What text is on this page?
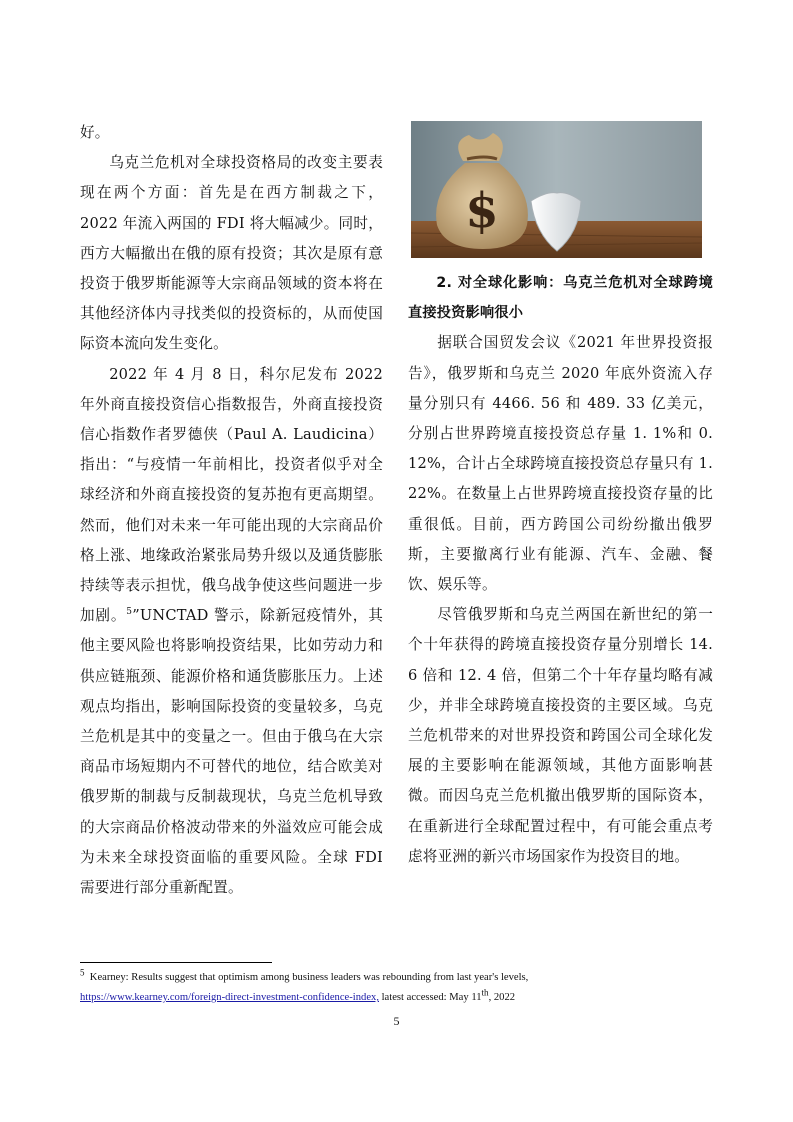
好。

乌克兰危机对全球投资格局的改变主要表现在两个方面：首先是在西方制裁之下，2022 年流入两国的 FDI 将大幅减少。同时，西方大幅撤出在俄的原有投资；其次是原有意投资于俄罗斯能源等大宗商品领域的资本将在其他经济体内寻找类似的投资标的，从而使国际资本流向发生变化。

2022 年 4 月 8 日，科尔尼发布 2022 年外商直接投资信心指数报告，外商直接投资信心指数作者罗德侠（Paul A. Laudicina）指出：“与疫情一年前相比，投资者似乎对全球经济和外商直接投资的复苏抱有更高期望。然而，他们对未来一年可能出现的大宗商品价格上涨、地缘政治紧张局势升级以及通货膨胀持续等表示担忧，俄乌战争使这些问题进一步加剧。$^5$”UNCTAD 警示，除新冠疫情外，其他主要风险也将影响投资结果，比如劳动力和供应链瓶颈、能源价格和通货膨胀压力。上述观点均指出，影响国际投资的变量较多，乌克兰危机是其中的变量之一。但由于俄乌在大宗商品市场短期内不可替代的地位，结合欧美对俄罗斯的制裁与反制裁现状，乌克兰危机导致的大宗商品价格波动带来的外溢效应可能会成为未来全球投资面临的重要风险。全球 FDI 需要进行部分重新配置。

$

2. 对全球化影响：乌克兰危机对全球跨境直接投资影响很小

据联合国贸发会议《2021 年世界投资报告》，俄罗斯和乌克兰 2020 年底外资流入存量分别只有 4466. 56 和 489. 33 亿美元，分别占世界跨境直接投资总存量 1. 1%和 0. 12%，合计占全球跨境直接投资总存量只有 1. 22%。在数量上占世界跨境直接投资存量的比重很低。目前，西方跨国公司纷纷撤出俄罗斯，主要撤离行业有能源、汽车、金融、餐饮、娱乐等。

尽管俄罗斯和乌克兰两国在新世纪的第一个十年获得的跨境直接投资存量分别增长 14. 6 倍和 12. 4 倍，但第二个十年存量均略有减少，并非全球跨境直接投资的主要区域。乌克兰危机带来的对世界投资和跨国公司全球化发展的主要影响在能源领域，其他方面影响甚微。而因乌克兰危机撤出俄罗斯的国际资本，在重新进行全球配置过程中，有可能会重点考虑将亚洲的新兴市场国家作为投资目的地。

$^5$ Kearney: Results suggest that optimism among business leaders was rebounding from last year's levels,
https://www.kearney.com/foreign-direct-investment-confidence-index, latest accessed: May 11th, 2022
5
